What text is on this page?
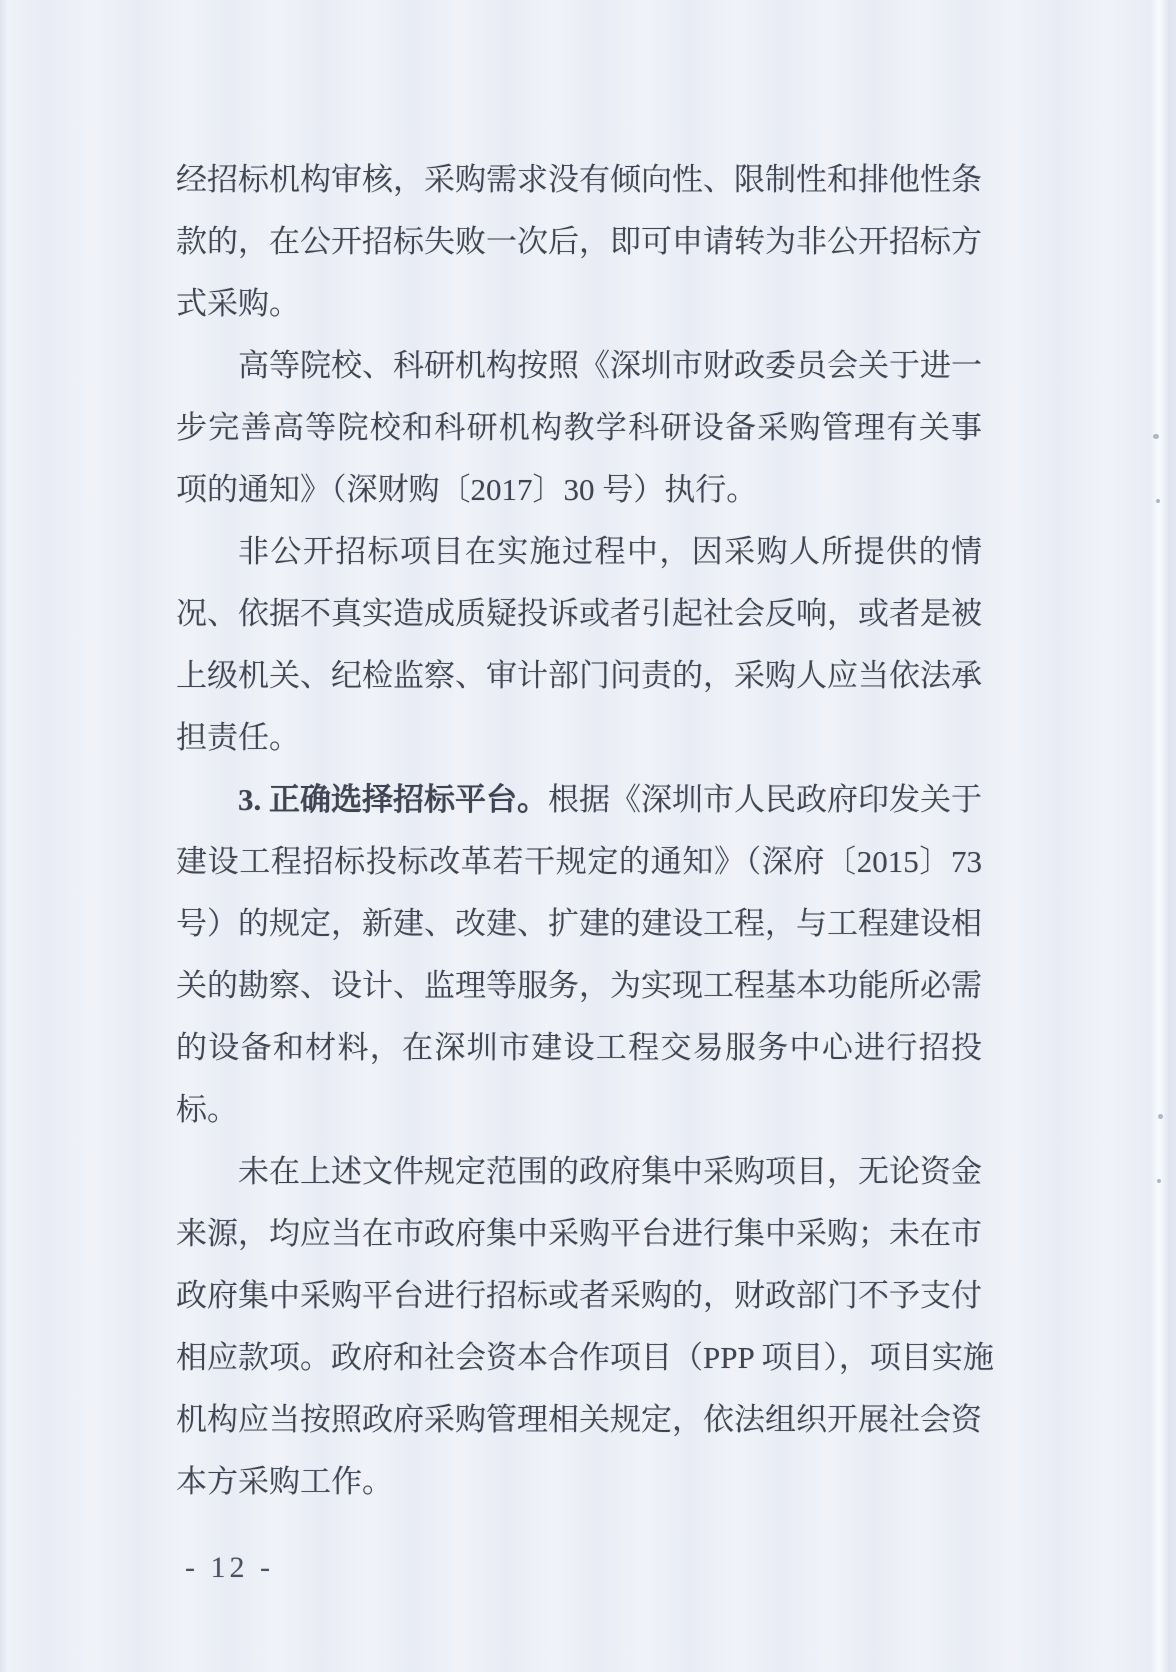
经招标机构审核，采购需求没有倾向性、限制性和排他性条
款的，在公开招标失败一次后，即可申请转为非公开招标方
式采购。
高等院校、科研机构按照《深圳市财政委员会关于进一
步完善高等院校和科研机构教学科研设备采购管理有关事
项的通知》（深财购〔2017〕30 号）执行。
非公开招标项目在实施过程中，因采购人所提供的情
况、依据不真实造成质疑投诉或者引起社会反响，或者是被
上级机关、纪检监察、审计部门问责的，采购人应当依法承
担责任。
3. 正确选择招标平台。根据《深圳市人民政府印发关于
建设工程招标投标改革若干规定的通知》（深府〔2015〕73
号）的规定，新建、改建、扩建的建设工程，与工程建设相
关的勘察、设计、监理等服务，为实现工程基本功能所必需
的设备和材料，在深圳市建设工程交易服务中心进行招投
标。
未在上述文件规定范围的政府集中采购项目，无论资金
来源，均应当在市政府集中采购平台进行集中采购；未在市
政府集中采购平台进行招标或者采购的，财政部门不予支付
相应款项。政府和社会资本合作项目（PPP 项目），项目实施
机构应当按照政府采购管理相关规定，依法组织开展社会资
本方采购工作。
- 12 -
